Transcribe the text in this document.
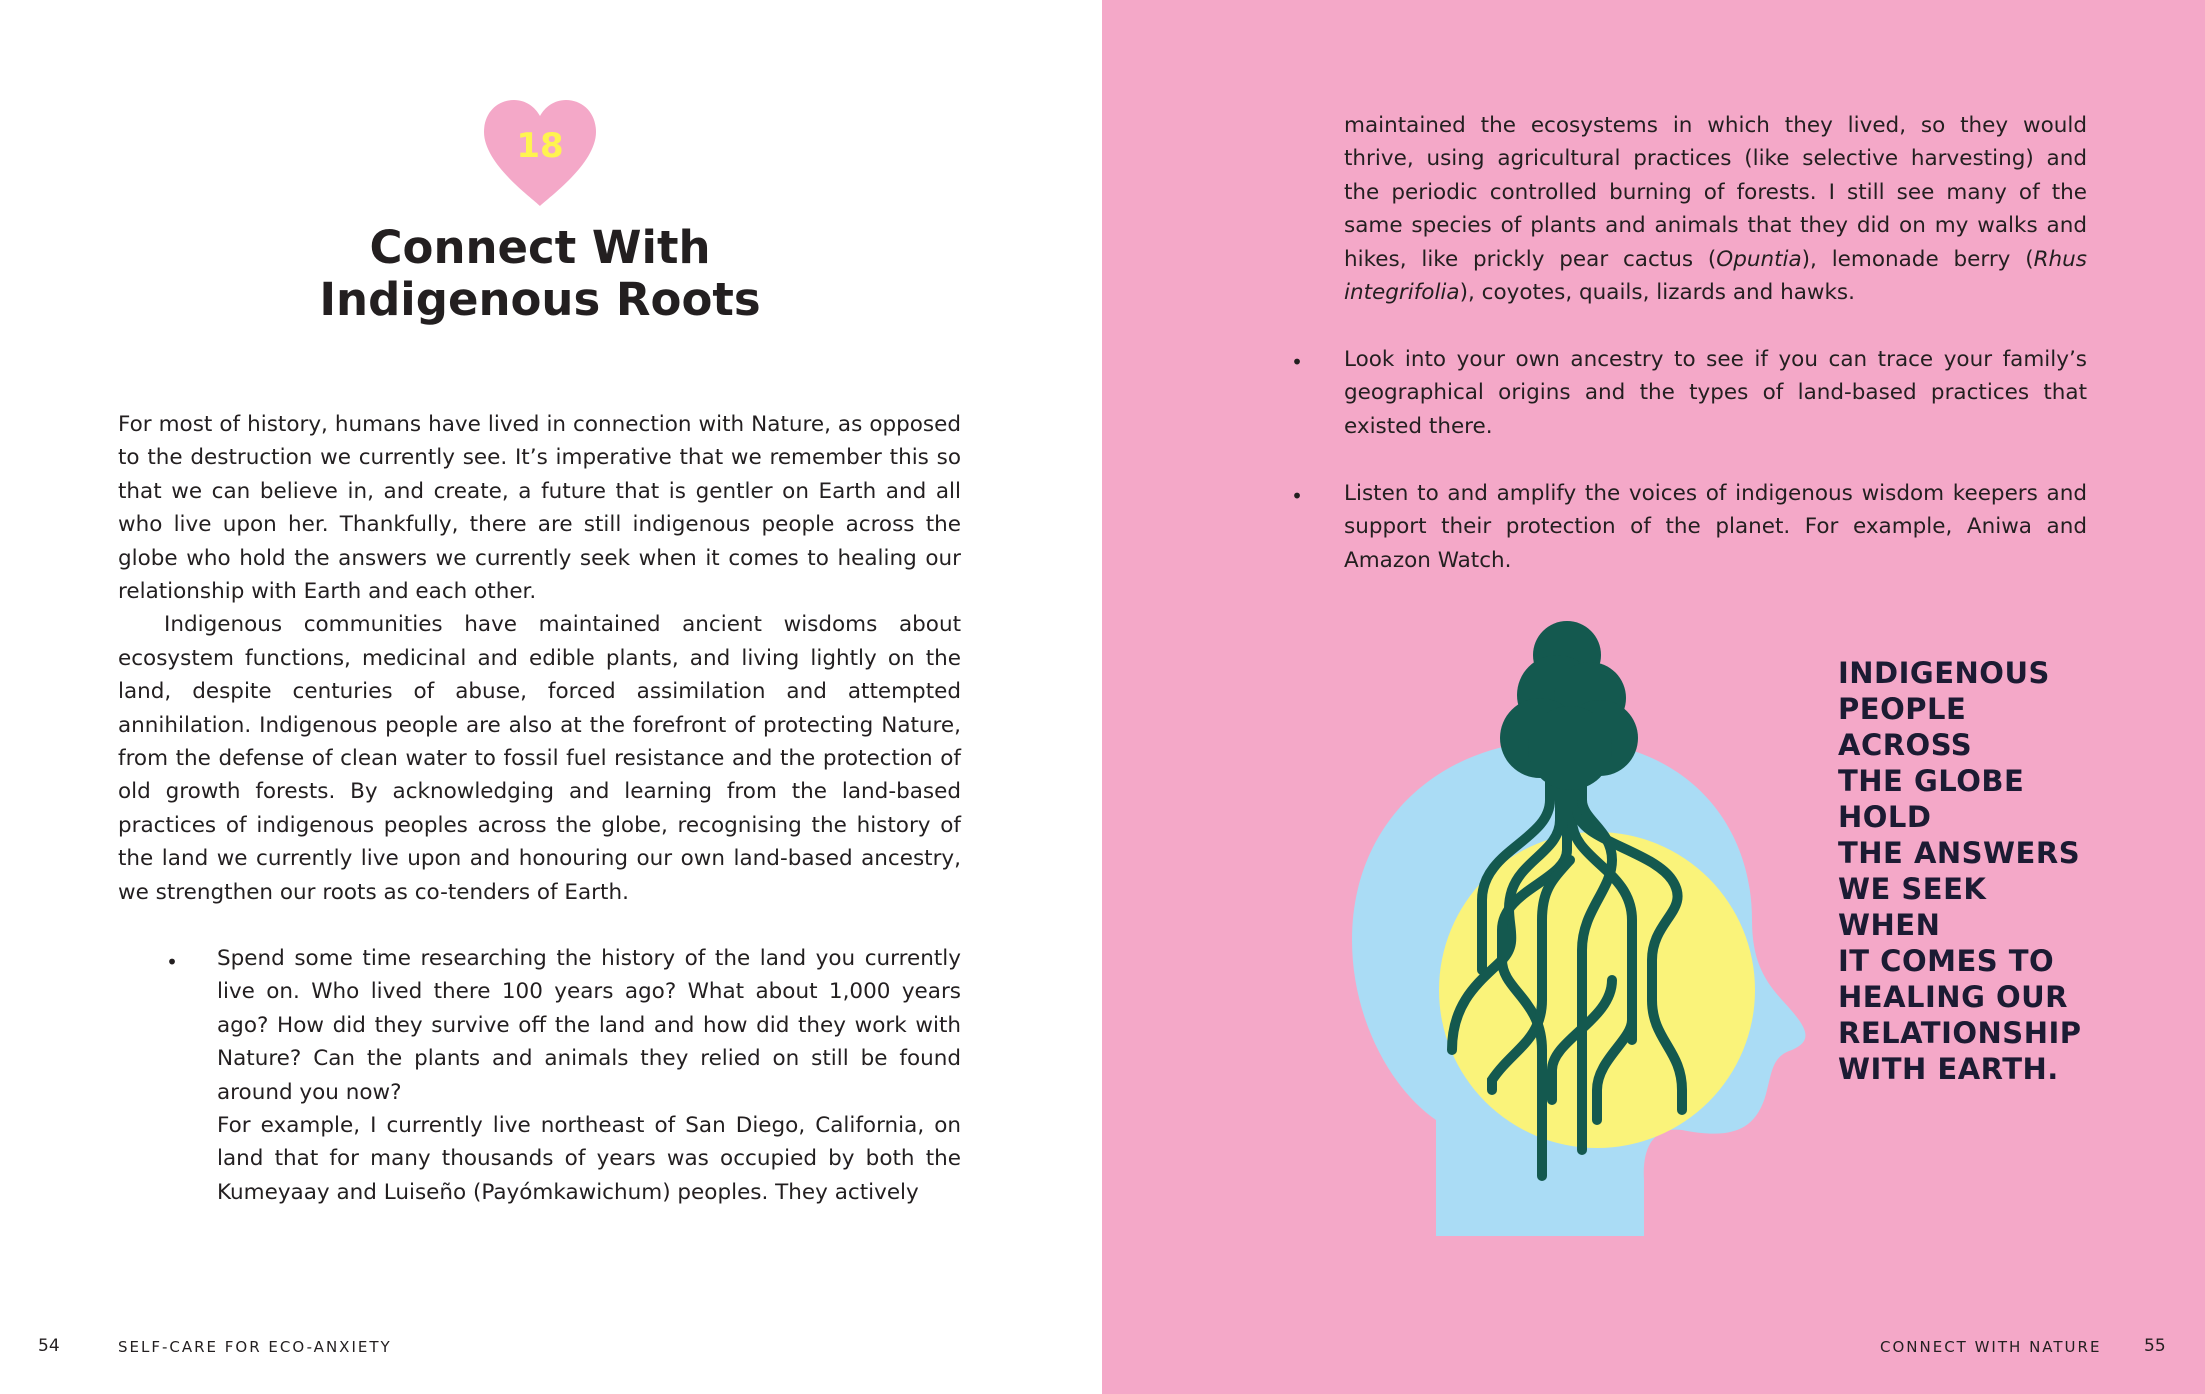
18
Connect With
Indigenous Roots

For most of history, humans have lived in connection with Nature, as opposed to the destruction we currently see. It’s imperative that we remember this so that we can believe in, and create, a future that is gentler on Earth and all who live upon her. Thankfully, there are still indigenous people across the globe who hold the answers we currently seek when it comes to healing our relationship with Earth and each other.

Indigenous communities have maintained ancient wisdoms about ecosystem functions, medicinal and edible plants, and living lightly on the land, despite centuries of abuse, forced assimilation and attempted annihilation. Indigenous people are also at the forefront of protecting Nature, from the defense of clean water to fossil fuel resistance and the protection of old growth forests. By acknowledging and learning from the land-based practices of indigenous peoples across the globe, recognising the history of the land we currently live upon and honouring our own land-based ancestry, we strengthen our roots as co-tenders of Earth.

• Spend some time researching the history of the land you currently live on. Who lived there 100 years ago? What about 1,000 years ago? How did they survive off the land and how did they work with Nature? Can the plants and animals they relied on still be found around you now?

For example, I currently live northeast of San Diego, California, on land that for many thousands of years was occupied by both the Kumeyaay and Luiseño (Payómkawichum) peoples. They actively

maintained the ecosystems in which they lived, so they would thrive, using agricultural practices (like selective harvesting) and the periodic controlled burning of forests. I still see many of the same species of plants and animals that they did on my walks and hikes, like prickly pear cactus (Opuntia), lemonade berry (Rhus integrifolia), coyotes, quails, lizards and hawks.

• Look into your own ancestry to see if you can trace your family’s geographical origins and the types of land-based practices that existed there.

• Listen to and amplify the voices of indigenous wisdom keepers and support their protection of the planet. For example, Aniwa and Amazon Watch.

INDIGENOUS
PEOPLE ACROSS
THE GLOBE HOLD
THE ANSWERS
WE SEEK WHEN
IT COMES TO
HEALING OUR
RELATIONSHIP
WITH EARTH.
54	SELF-CARE FOR ECO-ANXIETY	CONNECT WITH NATURE	55
